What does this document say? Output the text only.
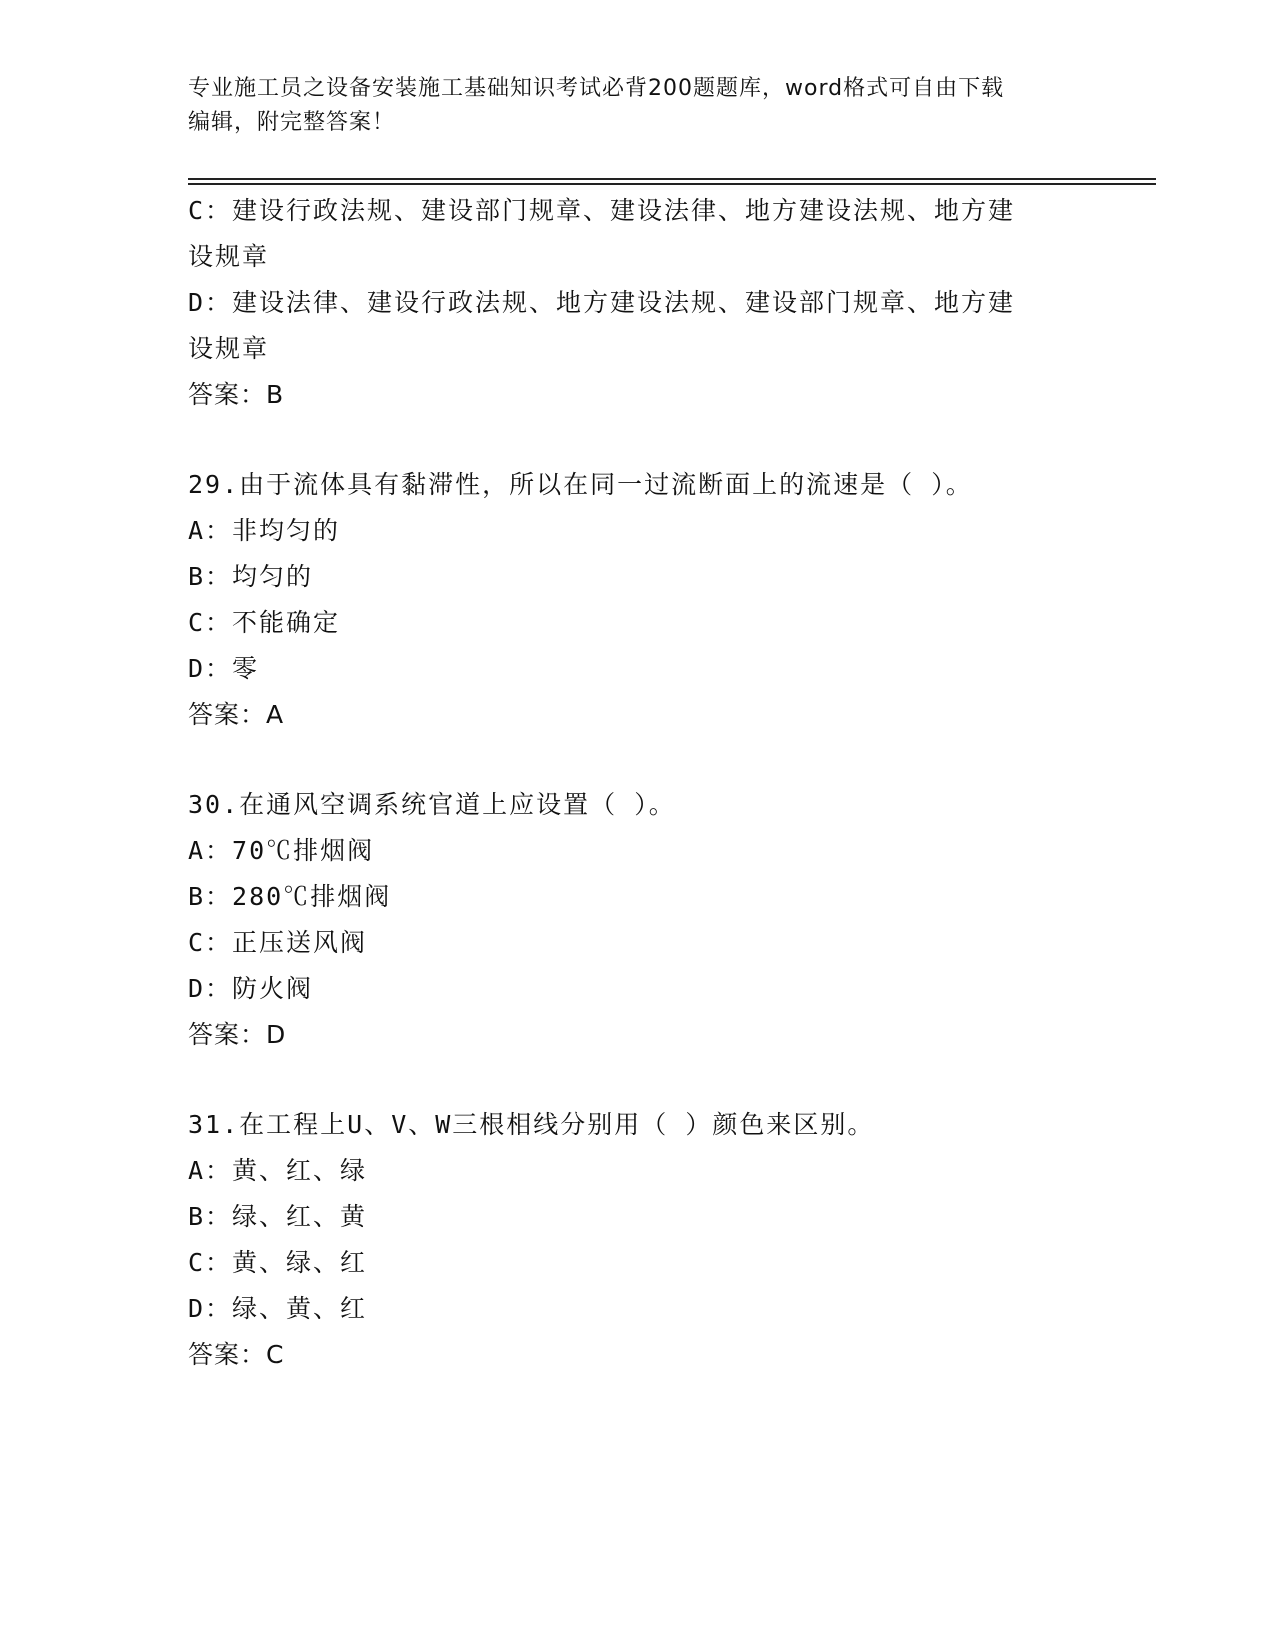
专业施工员之设备安装施工基础知识考试必背200题题库，word格式可自由下载
编辑，附完整答案！
C：建设行政法规、建设部门规章、建设法律、地方建设法规、地方建
设规章
D：建设法律、建设行政法规、地方建设法规、建设部门规章、地方建
设规章
答案：B
29.由于流体具有黏滞性，所以在同一过流断面上的流速是（ ）。
A：非均匀的
B：均匀的
C：不能确定
D：零
答案：A
30.在通风空调系统官道上应设置（ ）。
A：70℃排烟阀
B：280℃排烟阀
C：正压送风阀
D：防火阀
答案：D
31.在工程上U、V、W三根相线分别用（ ）颜色来区别。
A：黄、红、绿
B：绿、红、黄
C：黄、绿、红
D：绿、黄、红
答案：C
